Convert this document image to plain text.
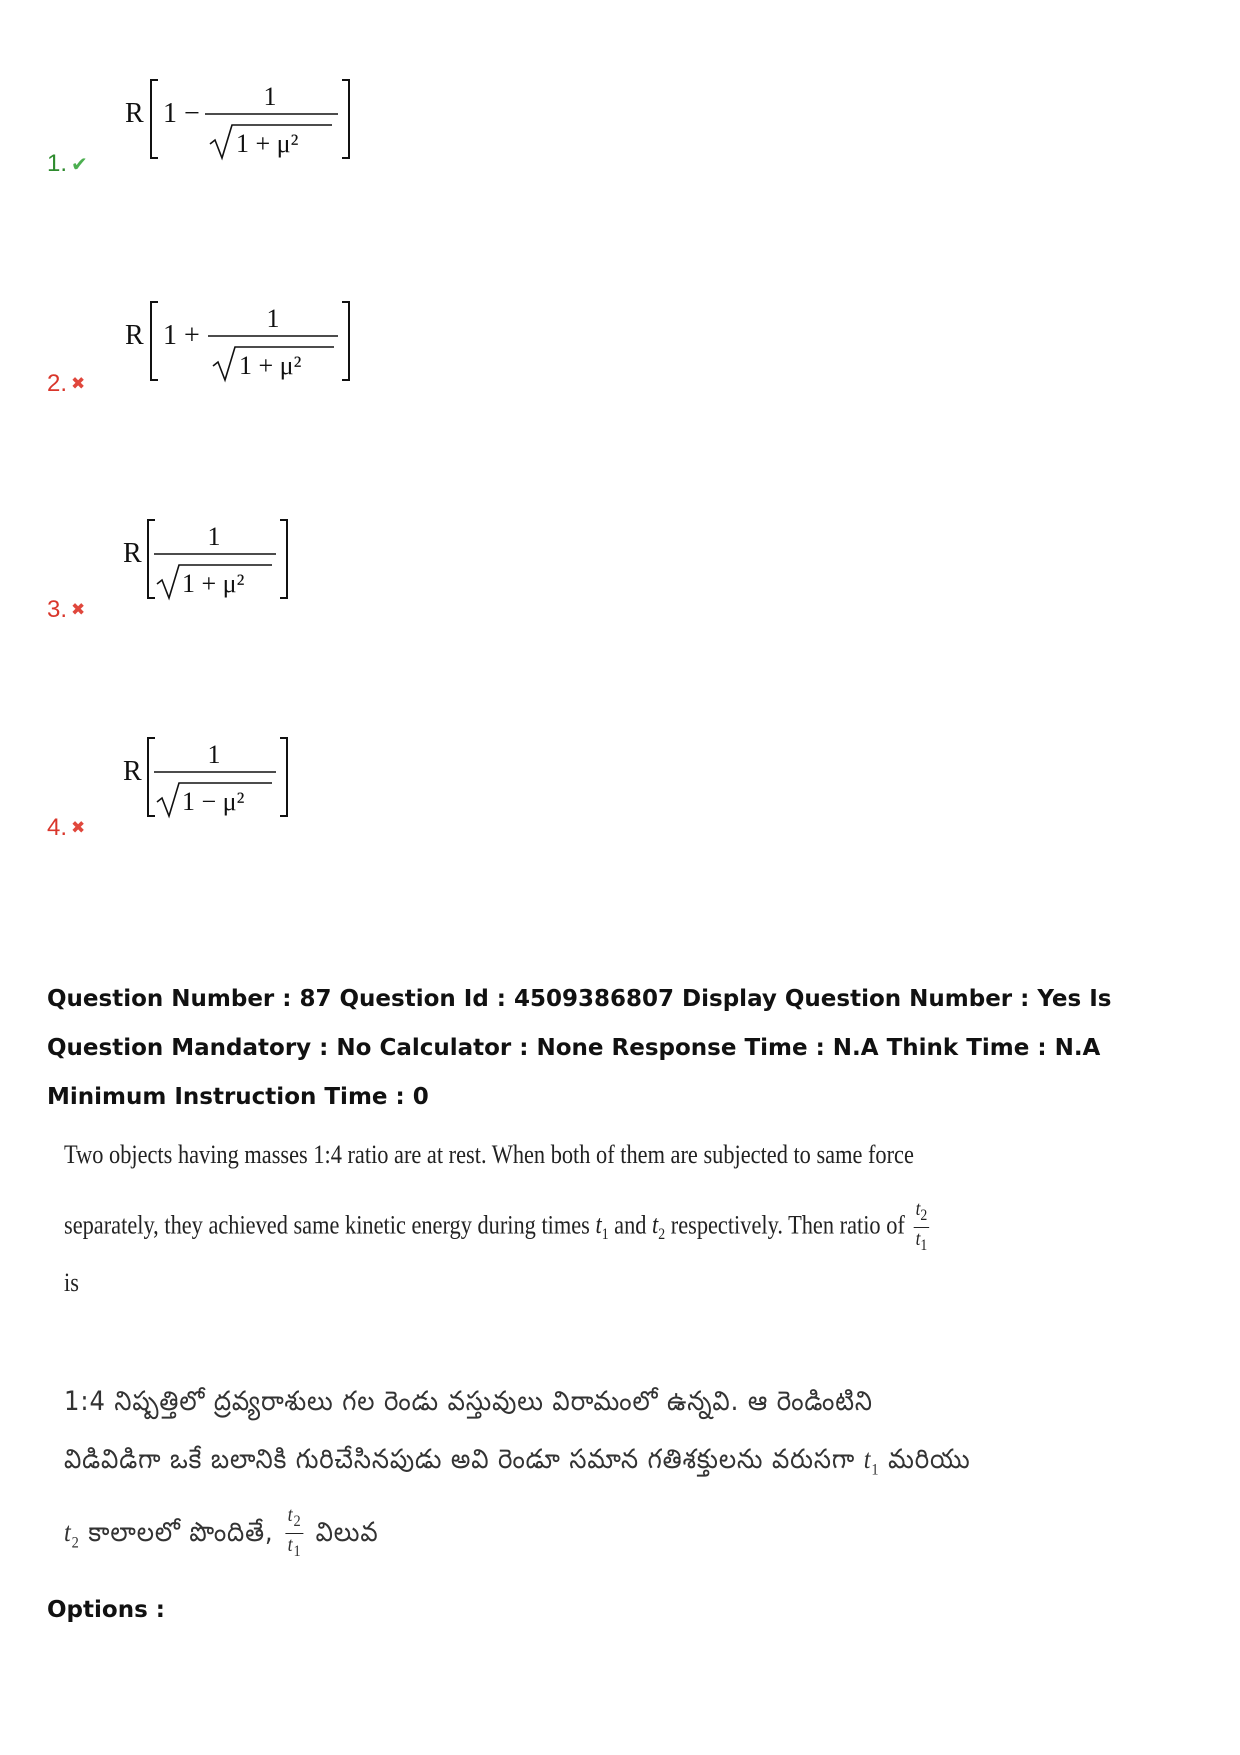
R 1 −
1
1 + μ²
1. ✔
R 1 +
1
1 + μ²
2. ✖
R
1
1 + μ²
3. ✖
R
1
1 − μ²
4. ✖
Question Number : 87 Question Id : 4509386807 Display Question Number : Yes Is Question Mandatory : No Calculator : None Response Time : N.A Think Time : N.A Minimum Instruction Time : 0
Two objects having masses 1:4 ratio are at rest. When both of them are subjected to same force
separately, they achieved same kinetic energy during times $t_1$ and $t_2$ respectively. Then ratio of $\frac{t_2}{t_1}$
is
1:4 నిష్పత్తిలో ద్రవ్యరాశులు గల రెండు వస్తువులు విరామంలో ఉన్నవి. ఆ రెండింటిని
విడివిడిగా ఒకే బలానికి గురిచేసినపుడు అవి రెండూ సమాన గతిశక్తులను వరుసగా $t_1$ మరియు
$t_2$ కాలాలలో పొందితే, $\frac{t_2}{t_1}$ విలువ
Options :
